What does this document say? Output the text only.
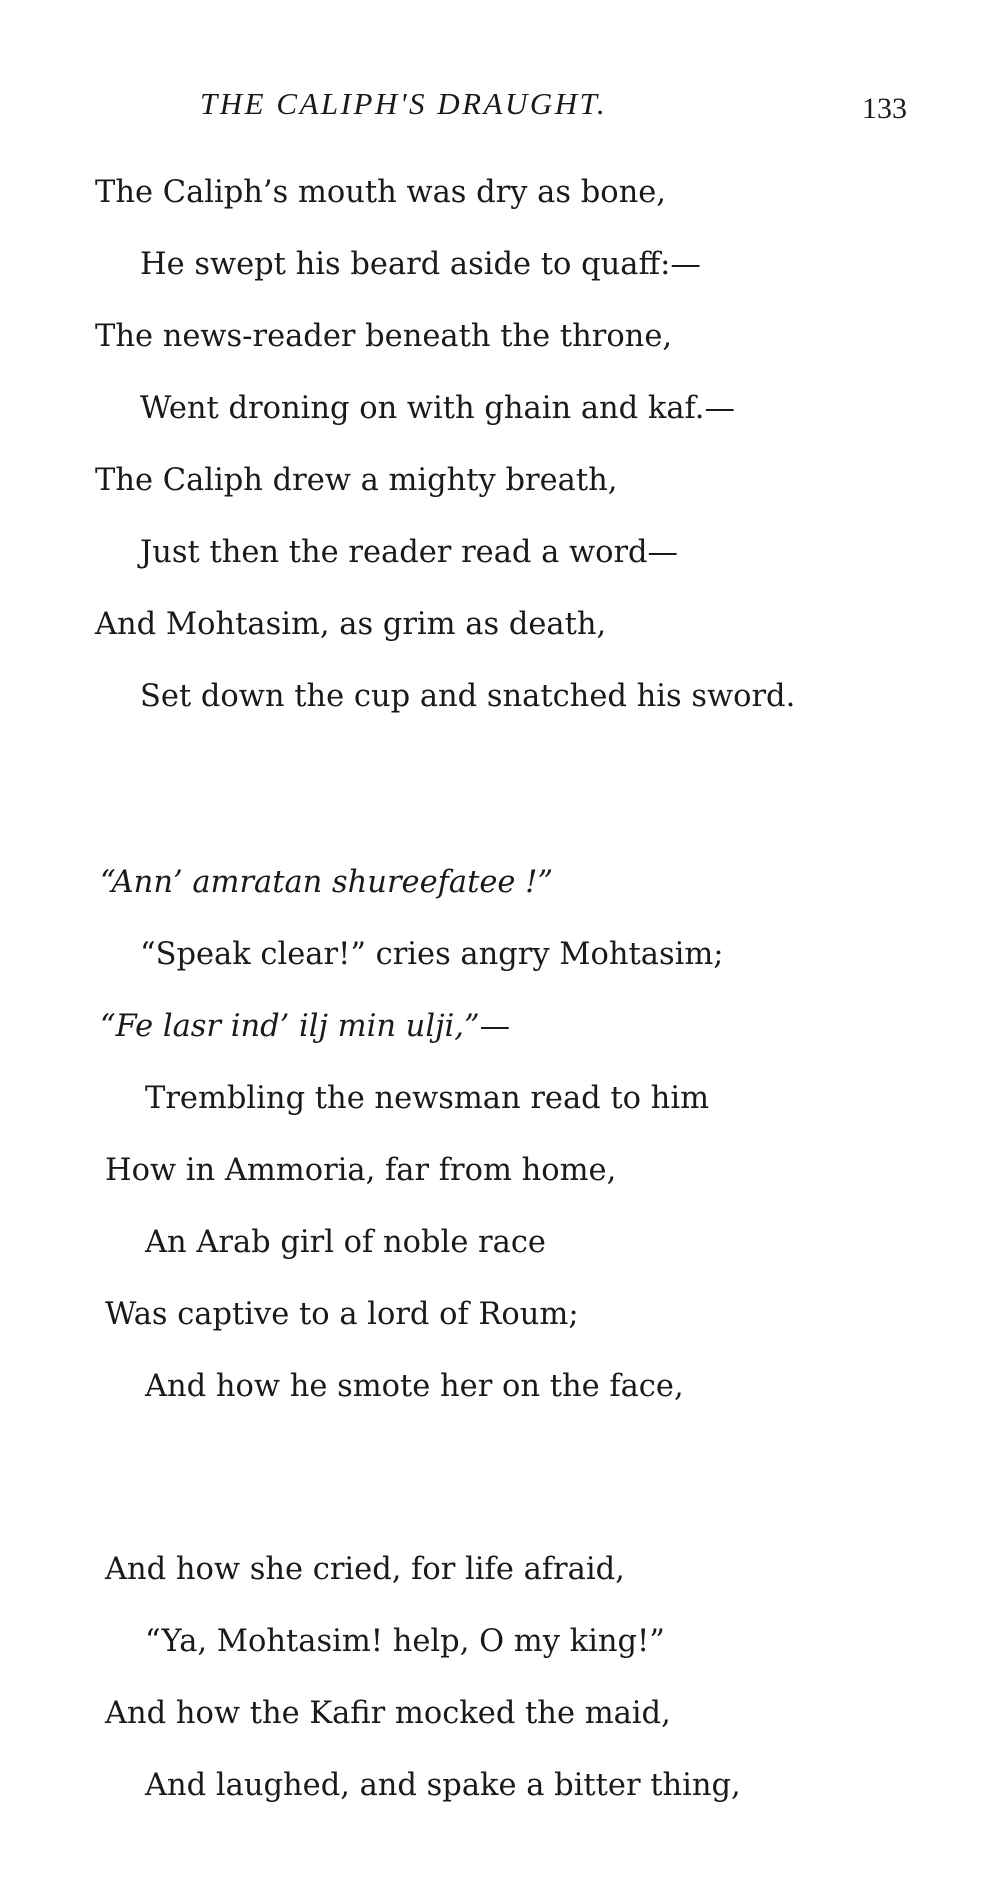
THE CALIPH'S DRAUGHT.	133
The Caliph’s mouth was dry as bone,
He swept his beard aside to quaff:—
The news-reader beneath the throne,
Went droning on with ghain and kaf.—
The Caliph drew a mighty breath,
Just then the reader read a word—
And Mohtasim, as grim as death,
Set down the cup and snatched his sword.
“Ann’ amratan shureefatee !”
“Speak clear!” cries angry Mohtasim;
“Fe lasr ind’ ilj min ulji,”—
Trembling the newsman read to him
How in Ammoria, far from home,
An Arab girl of noble race
Was captive to a lord of Roum;
And how he smote her on the face,
And how she cried, for life afraid,
“Ya, Mohtasim! help, O my king!”
And how the Kafir mocked the maid,
And laughed, and spake a bitter thing,
